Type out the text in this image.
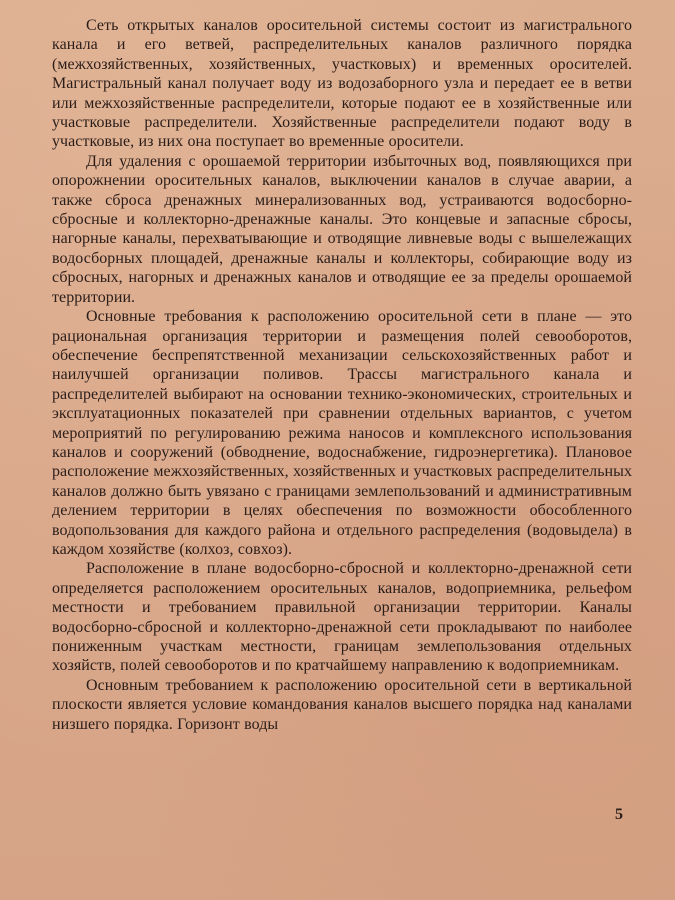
Сеть открытых каналов оросительной системы состоит из магистрального канала и его ветвей, распределительных каналов различного порядка (межхозяйственных, хозяйственных, участковых) и временных оросителей. Магистральный канал получает воду из водозаборного узла и передает ее в ветви или межхозяйственные распределители, которые подают ее в хозяйственные или участковые распределители. Хозяйственные распределители подают воду в участковые, из них она поступает во временные оросители.

Для удаления с орошаемой территории избыточных вод, появляющихся при опорожнении оросительных каналов, выключении каналов в случае аварии, а также сброса дренажных минерализованных вод, устраиваются водосборно-сбросные и коллекторно-дренажные каналы. Это концевые и запасные сбросы, нагорные каналы, перехватывающие и отводящие ливневые воды с вышележащих водосборных площадей, дренажные каналы и коллекторы, собирающие воду из сбросных, нагорных и дренажных каналов и отводящие ее за пределы орошаемой территории.

Основные требования к расположению оросительной сети в плане — это рациональная организация территории и размещения полей севооборотов, обеспечение беспрепятственной механизации сельскохозяйственных работ и наилучшей организации поливов. Трассы магистрального канала и распределителей выбирают на основании технико-экономических, строительных и эксплуатационных показателей при сравнении отдельных вариантов, с учетом мероприятий по регулированию режима наносов и комплексного использования каналов и сооружений (обводнение, водоснабжение, гидроэнергетика). Плановое расположение межхозяйственных, хозяйственных и участковых распределительных каналов должно быть увязано с границами землепользований и административным делением территории в целях обеспечения по возможности обособленного водопользования для каждого района и отдельного распределения (водовыдела) в каждом хозяйстве (колхоз, совхоз).

Расположение в плане водосборно-сбросной и коллекторно-дренажной сети определяется расположением оросительных каналов, водоприемника, рельефом местности и требованием правильной организации территории. Каналы водосборно-сбросной и коллекторно-дренажной сети прокладывают по наиболее пониженным участкам местности, границам землепользования отдельных хозяйств, полей севооборотов и по кратчайшему направлению к водоприемникам.

Основным требованием к расположению оросительной сети в вертикальной плоскости является условие командования каналов высшего порядка над каналами низшего порядка. Горизонт воды

5
